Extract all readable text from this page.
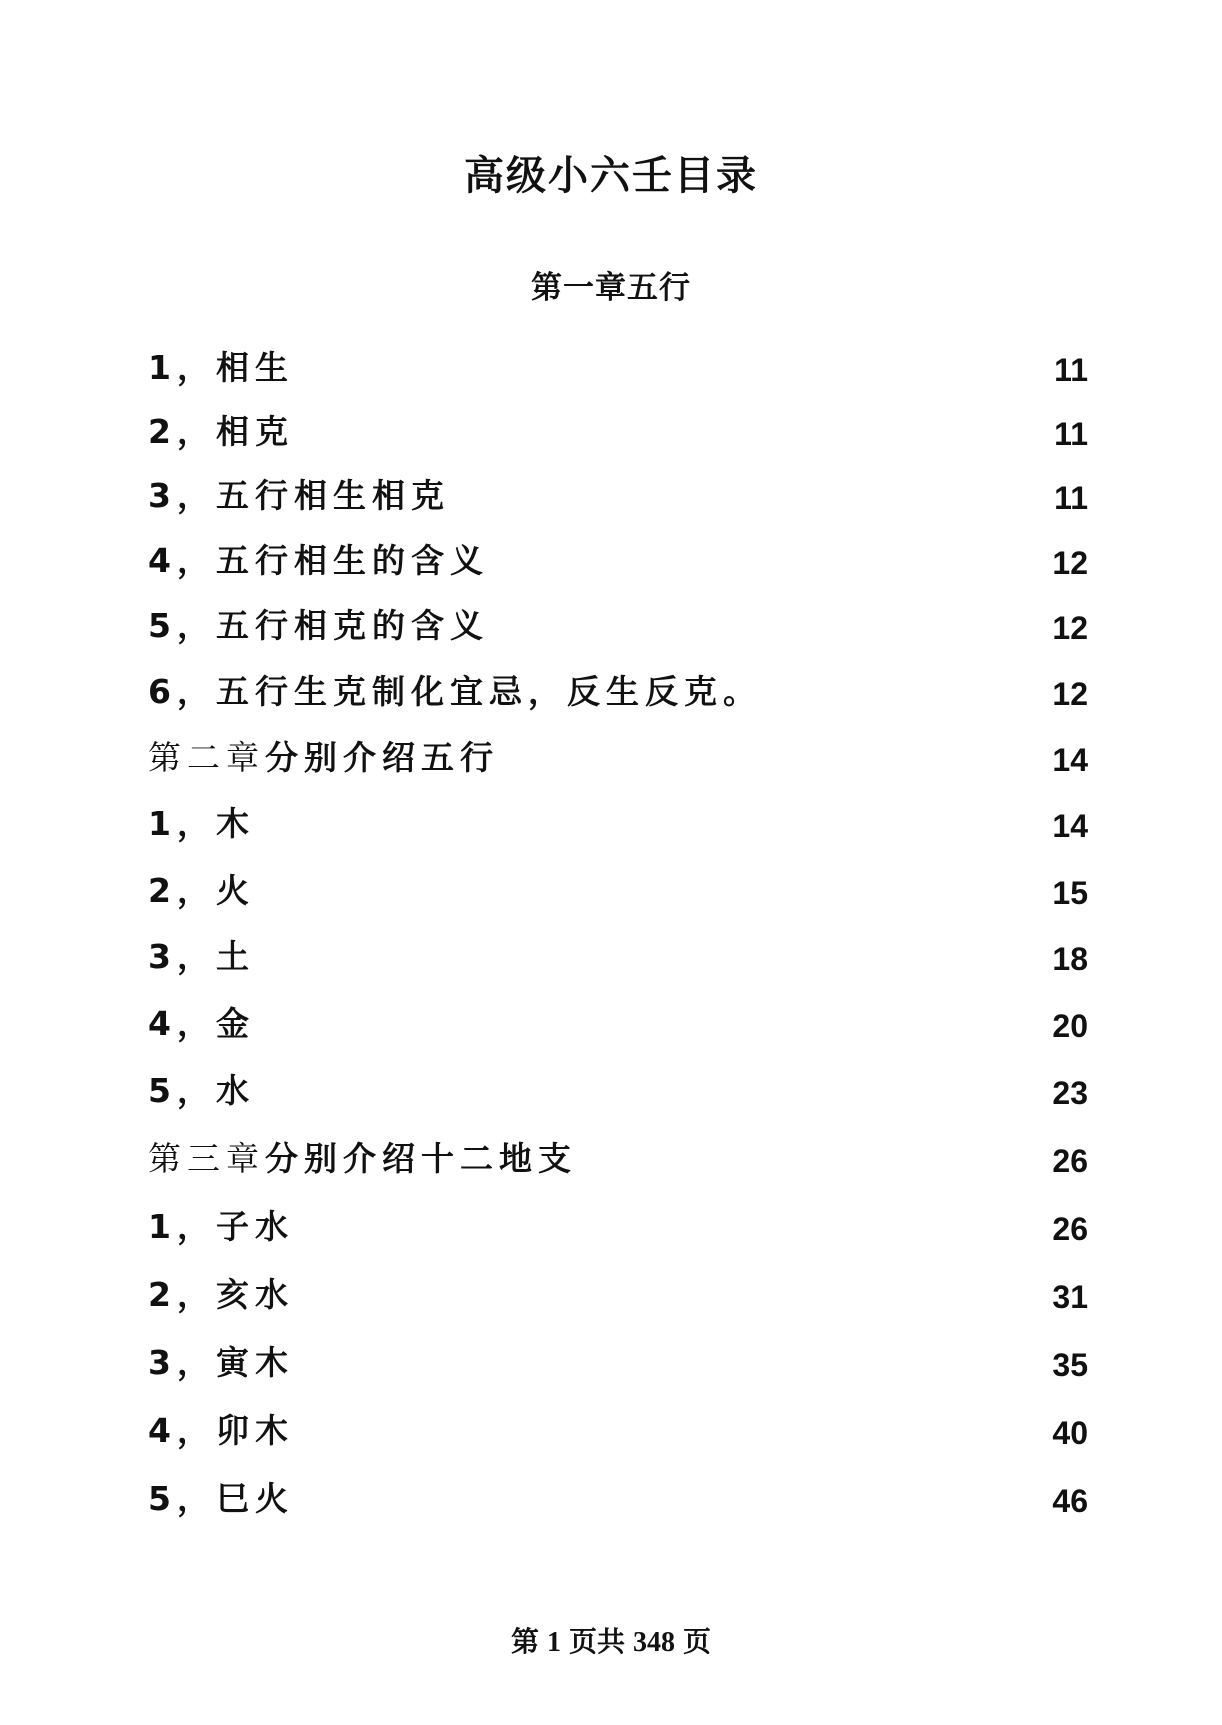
高级小六壬目录
第一章五行
1，相生	11
2，相克	11
3，五行相生相克	11
4，五行相生的含义	12
5，五行相克的含义	12
6，五行生克制化宜忌，反生反克。	12
第二章分别介绍五行	14
1，木	14
2，火	15
3，土	18
4，金	20
5，水	23
第三章分别介绍十二地支	26
1，子水	26
2，亥水	31
3，寅木	35
4，卯木	40
5，巳火	46
第 1 页共 348 页
